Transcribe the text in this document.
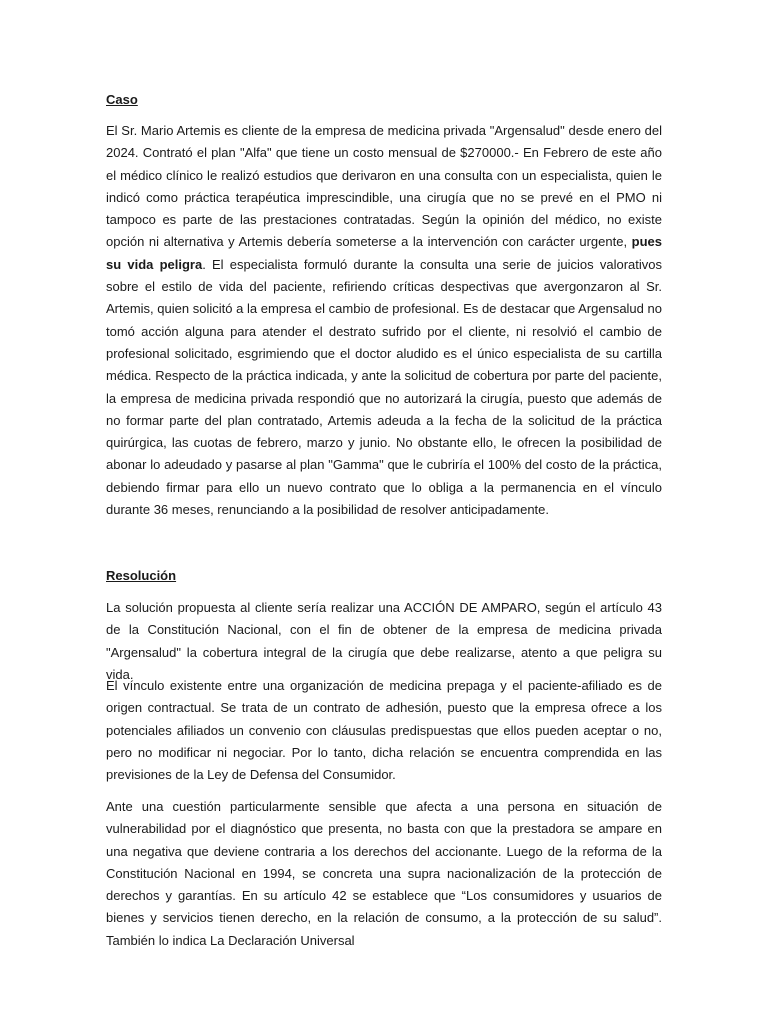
Caso

El Sr. Mario Artemis es cliente de la empresa de medicina privada "Argensalud" desde enero del 2024. Contrató el plan "Alfa" que tiene un costo mensual de $270000.- En Febrero de este año el médico clínico le realizó estudios que derivaron en una consulta con un especialista, quien le indicó como práctica terapéutica imprescindible, una cirugía que no se prevé en el PMO ni tampoco es parte de las prestaciones contratadas. Según la opinión del médico, no existe opción ni alternativa y Artemis debería someterse a la intervención con carácter urgente, pues su vida peligra. El especialista formuló durante la consulta una serie de juicios valorativos sobre el estilo de vida del paciente, refiriendo críticas despectivas que avergonzaron al Sr. Artemis, quien solicitó a la empresa el cambio de profesional. Es de destacar que Argensalud no tomó acción alguna para atender el destrato sufrido por el cliente, ni resolvió el cambio de profesional solicitado, esgrimiendo que el doctor aludido es el único especialista de su cartilla médica. Respecto de la práctica indicada, y ante la solicitud de cobertura por parte del paciente, la empresa de medicina privada respondió que no autorizará la cirugía, puesto que además de no formar parte del plan contratado, Artemis adeuda a la fecha de la solicitud de la práctica quirúrgica, las cuotas de febrero, marzo y junio. No obstante ello, le ofrecen la posibilidad de abonar lo adeudado y pasarse al plan "Gamma" que le cubriría el 100% del costo de la práctica, debiendo firmar para ello un nuevo contrato que lo obliga a la permanencia en el vínculo durante 36 meses, renunciando a la posibilidad de resolver anticipadamente.

Resolución

La solución propuesta al cliente sería realizar una ACCIÓN DE AMPARO, según el artículo 43 de la Constitución Nacional, con el fin de obtener de la empresa de medicina privada "Argensalud" la cobertura integral de la cirugía que debe realizarse, atento a que peligra su vida.

El vínculo existente entre una organización de medicina prepaga y el paciente-afiliado es de origen contractual. Se trata de un contrato de adhesión, puesto que la empresa ofrece a los potenciales afiliados un convenio con cláusulas predispuestas que ellos pueden aceptar o no, pero no modificar ni negociar. Por lo tanto, dicha relación se encuentra comprendida en las previsiones de la Ley de Defensa del Consumidor.

Ante una cuestión particularmente sensible que afecta a una persona en situación de vulnerabilidad por el diagnóstico que presenta, no basta con que la prestadora se ampare en una negativa que deviene contraria a los derechos del accionante. Luego de la reforma de la Constitución Nacional en 1994, se concreta una supra nacionalización de la protección de derechos y garantías. En su artículo 42 se establece que “Los consumidores y usuarios de bienes y servicios tienen derecho, en la relación de consumo, a la protección de su salud”. También lo indica La Declaración Universal
